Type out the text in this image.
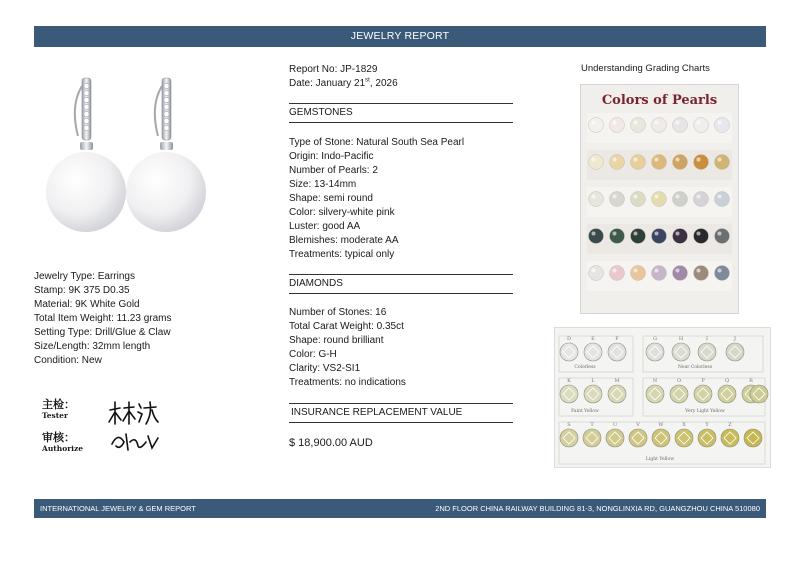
JEWELRY REPORT
Jewelry Type: Earrings
Stamp: 9K 375 D0.35
Material: 9K White Gold
Total Item Weight: 11.23 grams
Setting Type: Drill/Glue & Claw
Size/Length: 32mm length
Condition: New
主检：
Tester
审核：
Authorize
Report No: JP-1829
Date: January 21st, 2026
GEMSTONES
Type of Stone: Natural South Sea Pearl
Origin: Indo-Pacific
Number of Pearls: 2
Size: 13-14mm
Shape: semi round
Color: silvery-white pink
Luster: good AA
Blemishes: moderate AA
Treatments: typical only
DIAMONDS
Number of Stones: 16
Total Carat Weight: 0.35ct
Shape: round brilliant
Color: G-H
Clarity: VS2-SI1
Treatments: no indications
INSURANCE REPLACEMENT VALUE
$ 18,900.00 AUD
Understanding Grading Charts
Colors of Pearls
Colorless	Near Colorless
Faint Yellow	Very Light Yellow
Light Yellow
D	E	F	G	H	I	J
K	L	M	N	O	P	Q	R
S	T	U	V	W	X	Y	Z
INTERNATIONAL JEWELRY & GEM REPORT	2ND FLOOR CHINA RAILWAY BUILDING 81-3, NONGLINXIA RD, GUANGZHOU CHINA 510080
